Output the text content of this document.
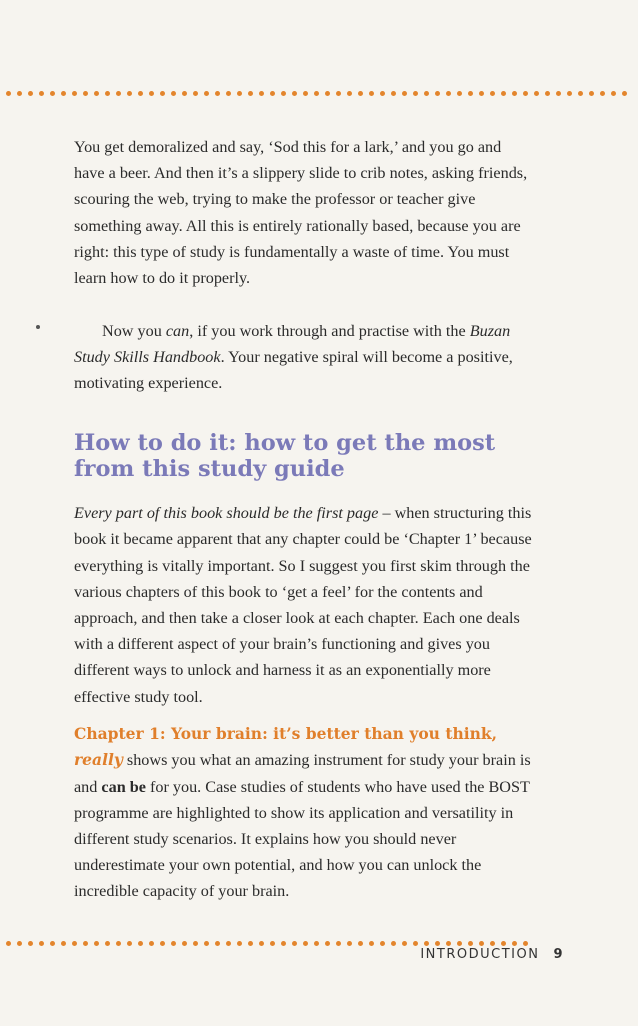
You get demoralized and say, ‘Sod this for a lark,’ and you go and have a beer. And then it’s a slippery slide to crib notes, asking friends, scouring the web, trying to make the professor or teacher give something away. All this is entirely rationally based, because you are right: this type of study is fundamentally a waste of time. You must learn how to do it properly.

Now you can, if you work through and practise with the Buzan Study Skills Handbook. Your negative spiral will become a positive, motivating experience.

How to do it: how to get the most from this study guide

Every part of this book should be the first page – when structuring this book it became apparent that any chapter could be ‘Chapter 1’ because everything is vitally important. So I suggest you first skim through the various chapters of this book to ‘get a feel’ for the contents and approach, and then take a closer look at each chapter. Each one deals with a different aspect of your brain’s functioning and gives you different ways to unlock and harness it as an exponentially more effective study tool.

Chapter 1: Your brain: it’s better than you think, really shows you what an amazing instrument for study your brain is and can be for you. Case studies of students who have used the BOST programme are highlighted to show its application and versatility in different study scenarios. It explains how you should never underestimate your own potential, and how you can unlock the incredible capacity of your brain.

INTRODUCTION 9
